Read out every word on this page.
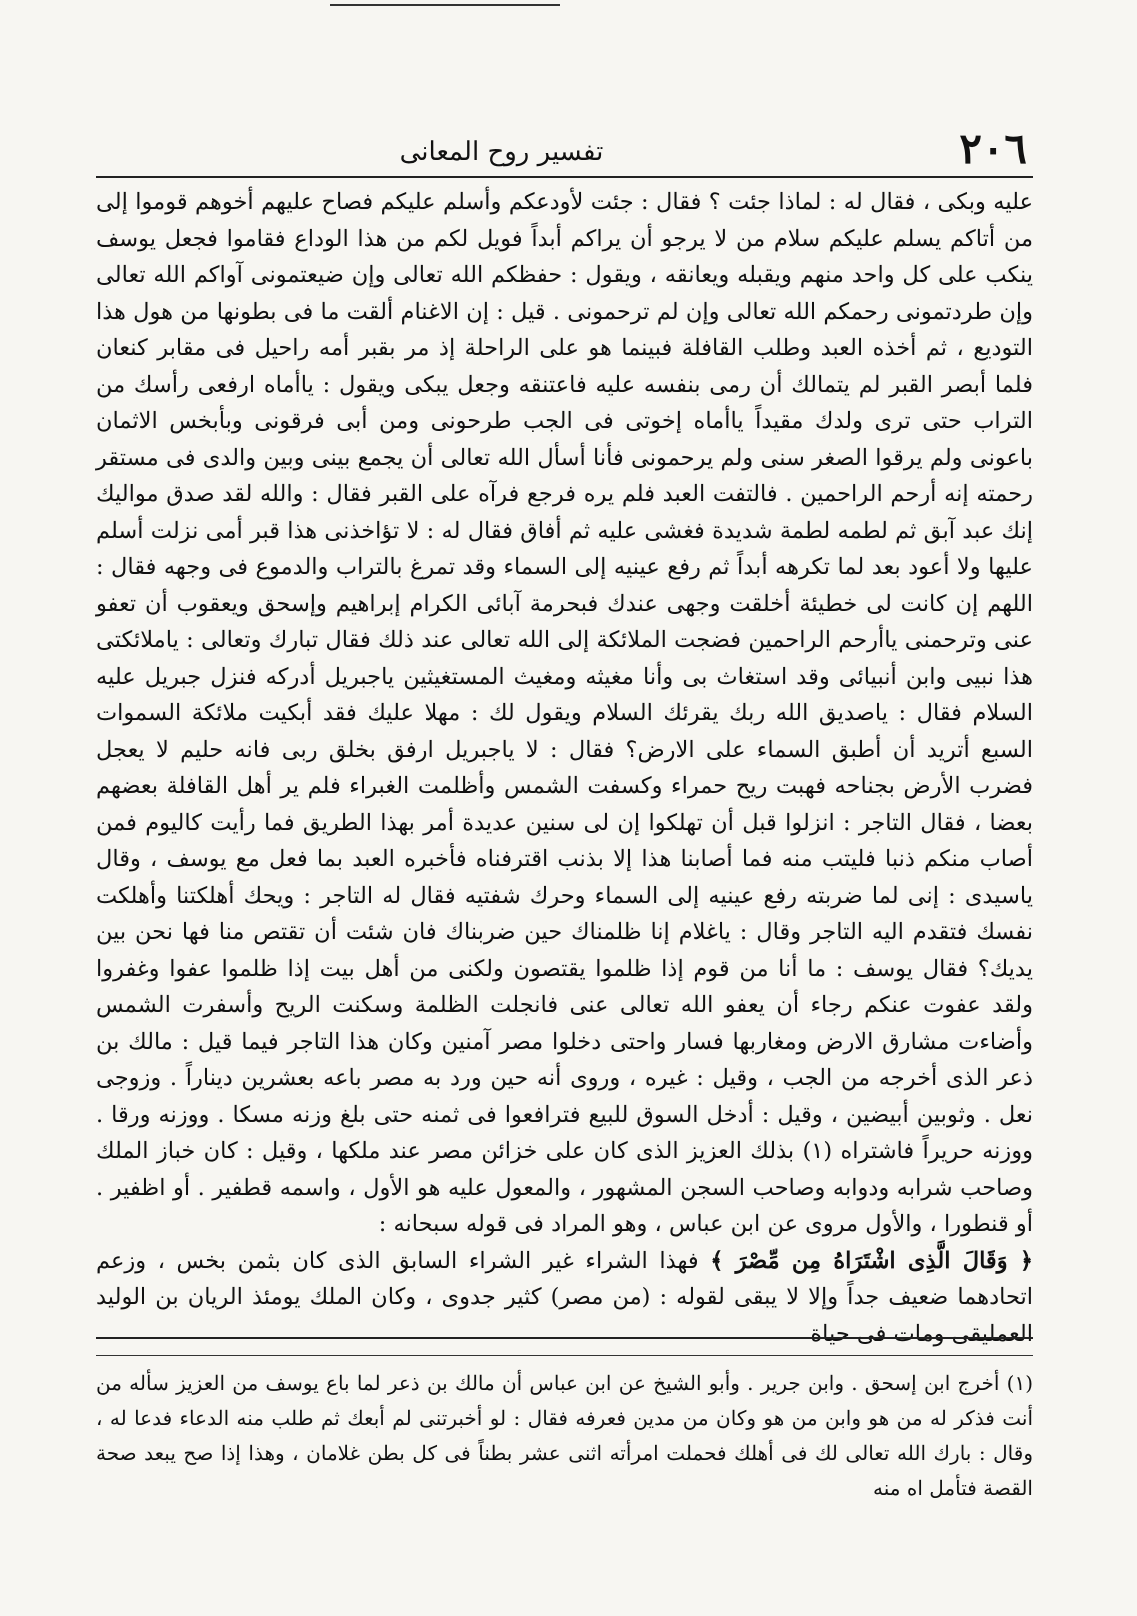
٢٠٦
تفسير روح المعانى

عليه وبكى ، فقال له : لماذا جئت ؟ فقال : جئت لأودعكم وأسلم عليكم فصاح عليهم أخوهم قوموا إلى من أتاكم يسلم عليكم سلام من لا يرجو أن يراكم أبداً فويل لكم من هذا الوداع فقاموا فجعل يوسف ينكب على كل واحد منهم ويقبله ويعانقه ، ويقول : حفظكم الله تعالى وإن ضيعتمونى آواكم الله تعالى وإن طردتمونى رحمكم الله تعالى وإن لم ترحمونى . قيل : إن الاغنام ألقت ما فى بطونها من هول هذا التوديع ، ثم أخذه العبد وطلب القافلة فبينما هو على الراحلة إذ مر بقبر أمه راحيل فى مقابر كنعان فلما أبصر القبر لم يتمالك أن رمى بنفسه عليه فاعتنقه وجعل يبكى ويقول : ياأماه ارفعى رأسك من التراب حتى ترى ولدك مقيداً ياأماه إخوتى فى الجب طرحونى ومن أبى فرقونى وبأبخس الاثمان باعونى ولم يرقوا الصغر سنى ولم يرحمونى فأنا أسأل الله تعالى أن يجمع بينى وبين والدى فى مستقر رحمته إنه أرحم الراحمين . فالتفت العبد فلم يره فرجع فرآه على القبر فقال : والله لقد صدق مواليك إنك عبد آبق ثم لطمه لطمة شديدة فغشى عليه ثم أفاق فقال له : لا تؤاخذنى هذا قبر أمى نزلت أسلم عليها ولا أعود بعد لما تكرهه أبداً ثم رفع عينيه إلى السماء وقد تمرغ بالتراب والدموع فى وجهه فقال : اللهم إن كانت لى خطيئة أخلقت وجهى عندك فبحرمة آبائى الكرام إبراهيم وإسحق ويعقوب أن تعفو عنى وترحمنى ياأرحم الراحمين فضجت الملائكة إلى الله تعالى عند ذلك فقال تبارك وتعالى : ياملائكتى هذا نبيى وابن أنبيائى وقد استغاث بى وأنا مغيثه ومغيث المستغيثين ياجبريل أدركه فنزل جبريل عليه السلام فقال : ياصديق الله ربك يقرئك السلام ويقول لك : مهلا عليك فقد أبكيت ملائكة السموات السبع أتريد أن أطبق السماء على الارض؟ فقال : لا ياجبريل ارفق بخلق ربى فانه حليم لا يعجل فضرب الأرض بجناحه فهبت ريح حمراء وكسفت الشمس وأظلمت الغبراء فلم ير أهل القافلة بعضهم بعضا ، فقال التاجر : انزلوا قبل أن تهلكوا إن لى سنين عديدة أمر بهذا الطريق فما رأيت كاليوم فمن أصاب منكم ذنبا فليتب منه فما أصابنا هذا إلا بذنب اقترفناه فأخبره العبد بما فعل مع يوسف ، وقال ياسيدى : إنى لما ضربته رفع عينيه إلى السماء وحرك شفتيه فقال له التاجر : ويحك أهلكتنا وأهلكت نفسك فتقدم اليه التاجر وقال : ياغلام إنا ظلمناك حين ضربناك فان شئت أن تقتص منا فها نحن بين يديك؟ فقال يوسف : ما أنا من قوم إذا ظلموا يقتصون ولكنى من أهل بيت إذا ظلموا عفوا وغفروا ولقد عفوت عنكم رجاء أن يعفو الله تعالى عنى فانجلت الظلمة وسكنت الريح وأسفرت الشمس وأضاءت مشارق الارض ومغاربها فسار واحتى دخلوا مصر آمنين وكان هذا التاجر فيما قيل : مالك بن ذعر الذى أخرجه من الجب ، وقيل : غيره ، وروى أنه حين ورد به مصر باعه بعشرين ديناراً . وزوجى نعل . وثوبين أبيضين ، وقيل : أدخل السوق للبيع فترافعوا فى ثمنه حتى بلغ وزنه مسكا . ووزنه ورقا . ووزنه حريراً فاشتراه (١) بذلك العزيز الذى كان على خزائن مصر عند ملكها ، وقيل : كان خباز الملك وصاحب شرابه ودوابه وصاحب السجن المشهور ، والمعول عليه هو الأول ، واسمه قطفير . أو اظفير . أو قنطورا ، والأول مروى عن ابن عباس ، وهو المراد فى قوله سبحانه :

﴿ وَقَالَ الَّذِى اشْتَرَاهُ مِن مِّصْرَ ﴾ فهذا الشراء غير الشراء السابق الذى كان بثمن بخس ، وزعم اتحادهما ضعيف جداً وإلا لا يبقى لقوله : (من مصر) كثير جدوى ، وكان الملك يومئذ الريان بن الوليد العمليقى ومات فى حياة

(١) أخرج ابن إسحق . وابن جرير . وأبو الشيخ عن ابن عباس أن مالك بن ذعر لما باع يوسف من العزيز سأله من أنت فذكر له من هو وابن من هو وكان من مدين فعرفه فقال : لو أخبرتنى لم أبعك ثم طلب منه الدعاء فدعا له ، وقال : بارك الله تعالى لك فى أهلك فحملت امرأته اثنى عشر بطناً فى كل بطن غلامان ، وهذا إذا صح يبعد صحة القصة فتأمل اه منه
